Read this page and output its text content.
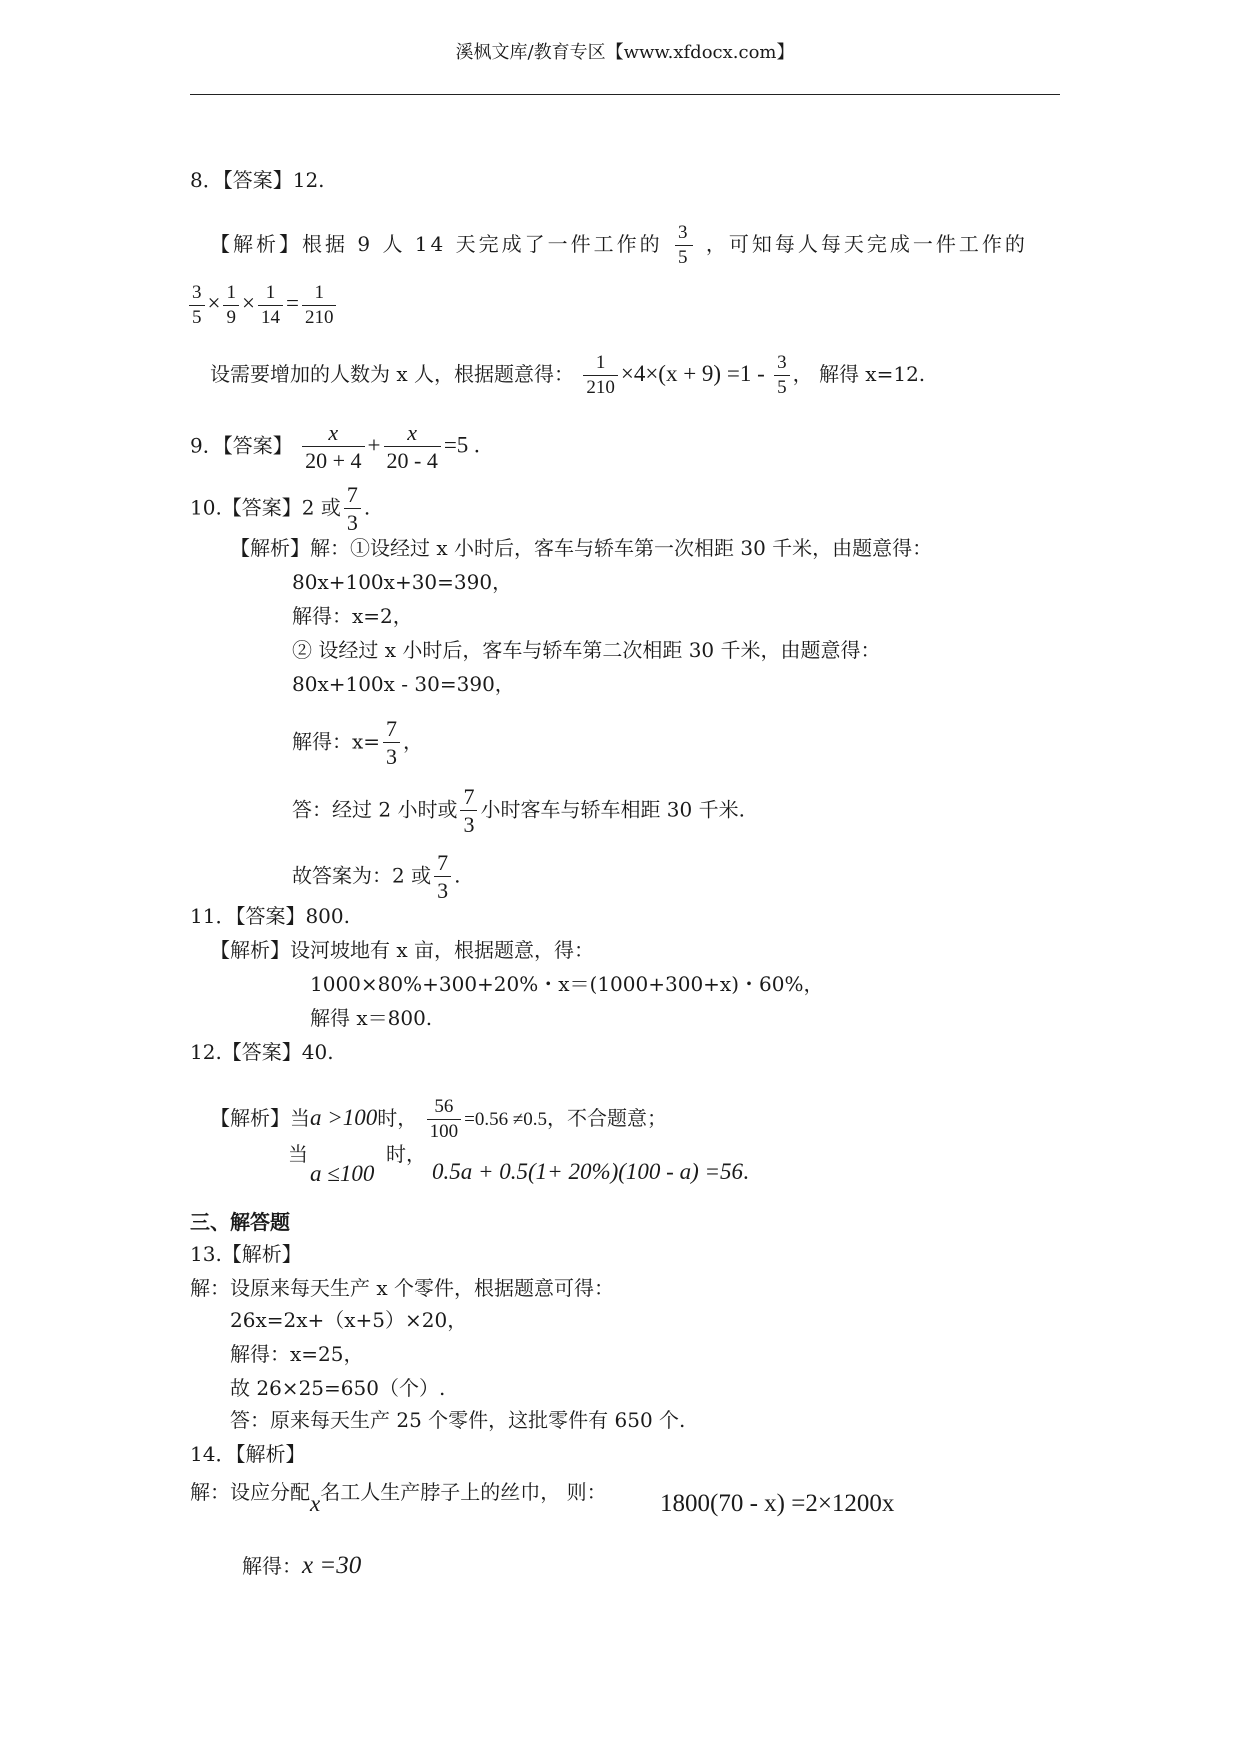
溪枫文库/教育专区【www.xfdocx.com】
8．【答案】12.
【解析】根据 9 人 14 天完成了一件工作的 $\frac{3}{5}$ ，可知每人每天完成一件工作的
$\frac{3}{5} \times \frac{1}{9} \times \frac{1}{14} = \frac{1}{210}$
设需要增加的人数为 x 人，根据题意得： $\frac{1}{210} \times 4\times(x + 9) =1 - \frac{3}{5}$ ， 解得 x=12.
9．【答案】 $\frac{x}{20 + 4} + \frac{x}{20 - 4} =5$ .
10.【答案】2 或 $\frac{7}{3}$ .
【解析】解：①设经过 x 小时后，客车与轿车第一次相距 30 千米，由题意得：
80x+100x+30=390，
解得：x=2，
② 设经过 x 小时后，客车与轿车第二次相距 30 千米，由题意得：
80x+100x - 30=390，
解得：$x= \frac{7}{3}$ ，
答：经过 2 小时或 $\frac{7}{3}$ 小时客车与轿车相距 30 千米.
故答案为：2 或 $\frac{7}{3}$ .
11．【答案】800.
【解析】设河坡地有 x 亩，根据题意，得：
1000×80%+300+20%・x＝(1000+300+x)・60%，
解得 x＝800.
12.【答案】40.
【解析】当a >100时， $\frac{56}{100} =0.56 \ne 0.5$，不合题意；
当
a ≤100
时，
0.5a + 0.5(1+ 20%)(100 - a) =56.
三、解答题
13.【解析】
解：设原来每天生产 x 个零件，根据题意可得：
26x=2x+（x+5）×20，
解得：x=25，
故 26×25=650（个）.
答：原来每天生产 25 个零件，这批零件有 650 个.
14．【解析】
解：设应分配x名工人生产脖子上的丝巾， 则： 1800(70 - x) =2×1200x
解得：x =30
